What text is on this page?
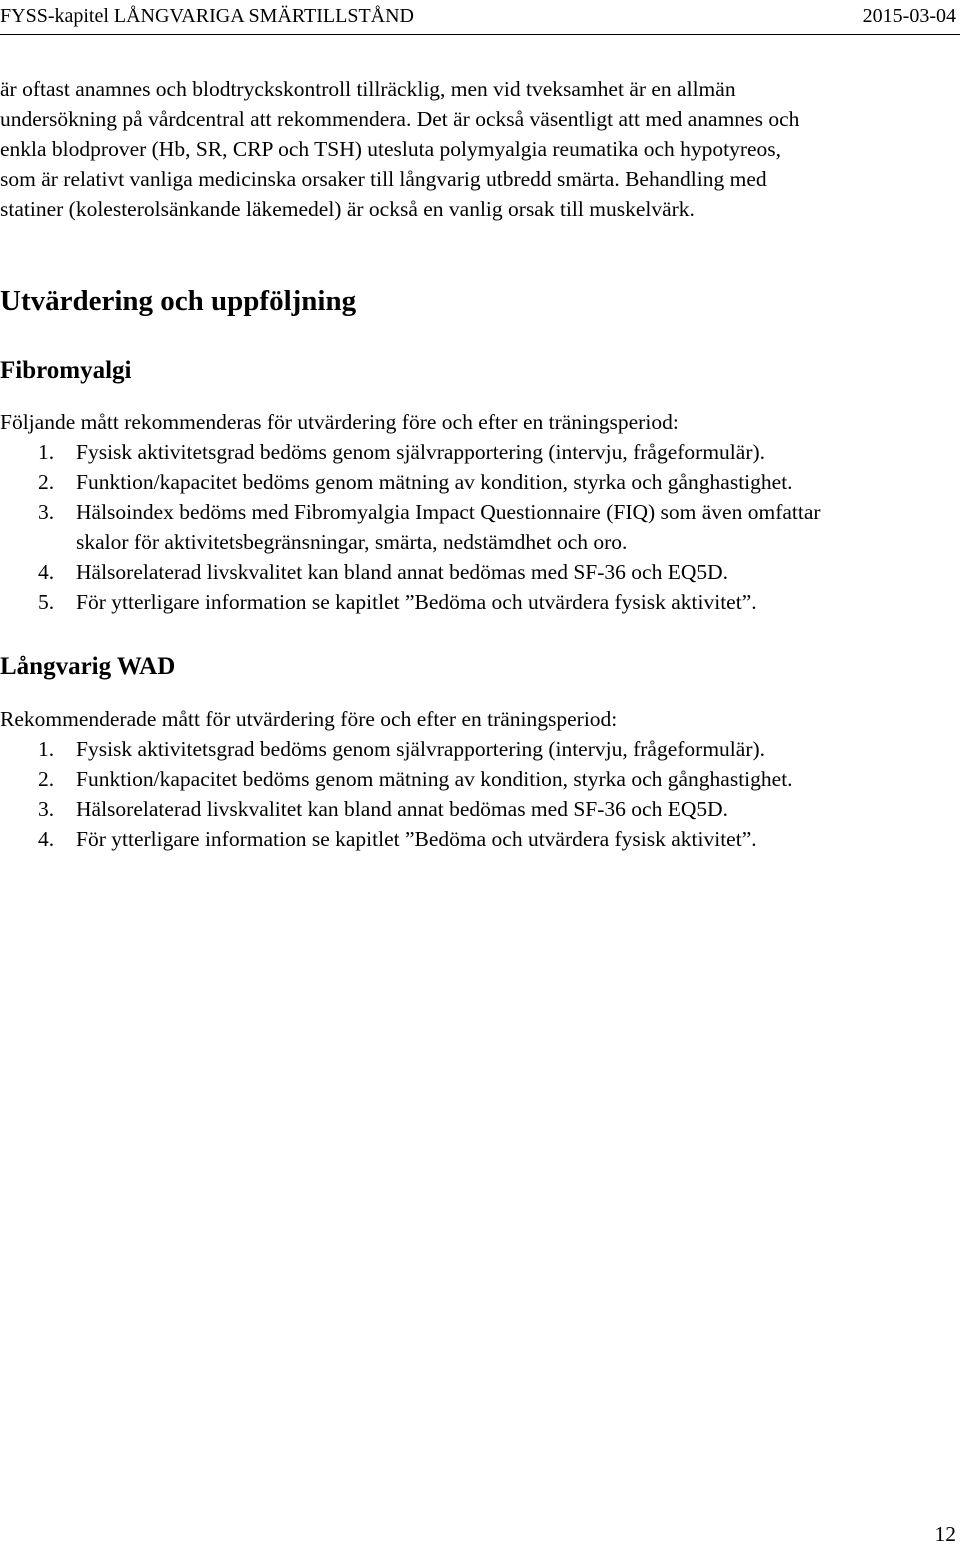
FYSS-kapitel LÅNGVARIGA SMÄRTILLSTÅND	2015-03-04

är oftast anamnes och blodtryckskontroll tillräcklig, men vid tveksamhet är en allmän
undersökning på vårdcentral att rekommendera. Det är också väsentligt att med anamnes och
enkla blodprover (Hb, SR, CRP och TSH) utesluta polymyalgia reumatika och hypotyreos,
som är relativt vanliga medicinska orsaker till långvarig utbredd smärta. Behandling med
statiner (kolesterolsänkande läkemedel) är också en vanlig orsak till muskelvärk.

Utvärdering och uppföljning
Fibromyalgi

Följande mått rekommenderas för utvärdering före och efter en träningsperiod:

1. Fysisk aktivitetsgrad bedöms genom självrapportering (intervju, frågeformulär).
2. Funktion/kapacitet bedöms genom mätning av kondition, styrka och gånghastighet.
3. Hälsoindex bedöms med Fibromyalgia Impact Questionnaire (FIQ) som även omfattar
skalor för aktivitetsbegränsningar, smärta, nedstämdhet och oro.
4. Hälsorelaterad livskvalitet kan bland annat bedömas med SF-36 och EQ5D.
5. För ytterligare information se kapitlet ”Bedöma och utvärdera fysisk aktivitet”.
Långvarig WAD

Rekommenderade mått för utvärdering före och efter en träningsperiod:

1. Fysisk aktivitetsgrad bedöms genom självrapportering (intervju, frågeformulär).
2. Funktion/kapacitet bedöms genom mätning av kondition, styrka och gånghastighet.
3. Hälsorelaterad livskvalitet kan bland annat bedömas med SF-36 och EQ5D.
4. För ytterligare information se kapitlet ”Bedöma och utvärdera fysisk aktivitet”.
12
